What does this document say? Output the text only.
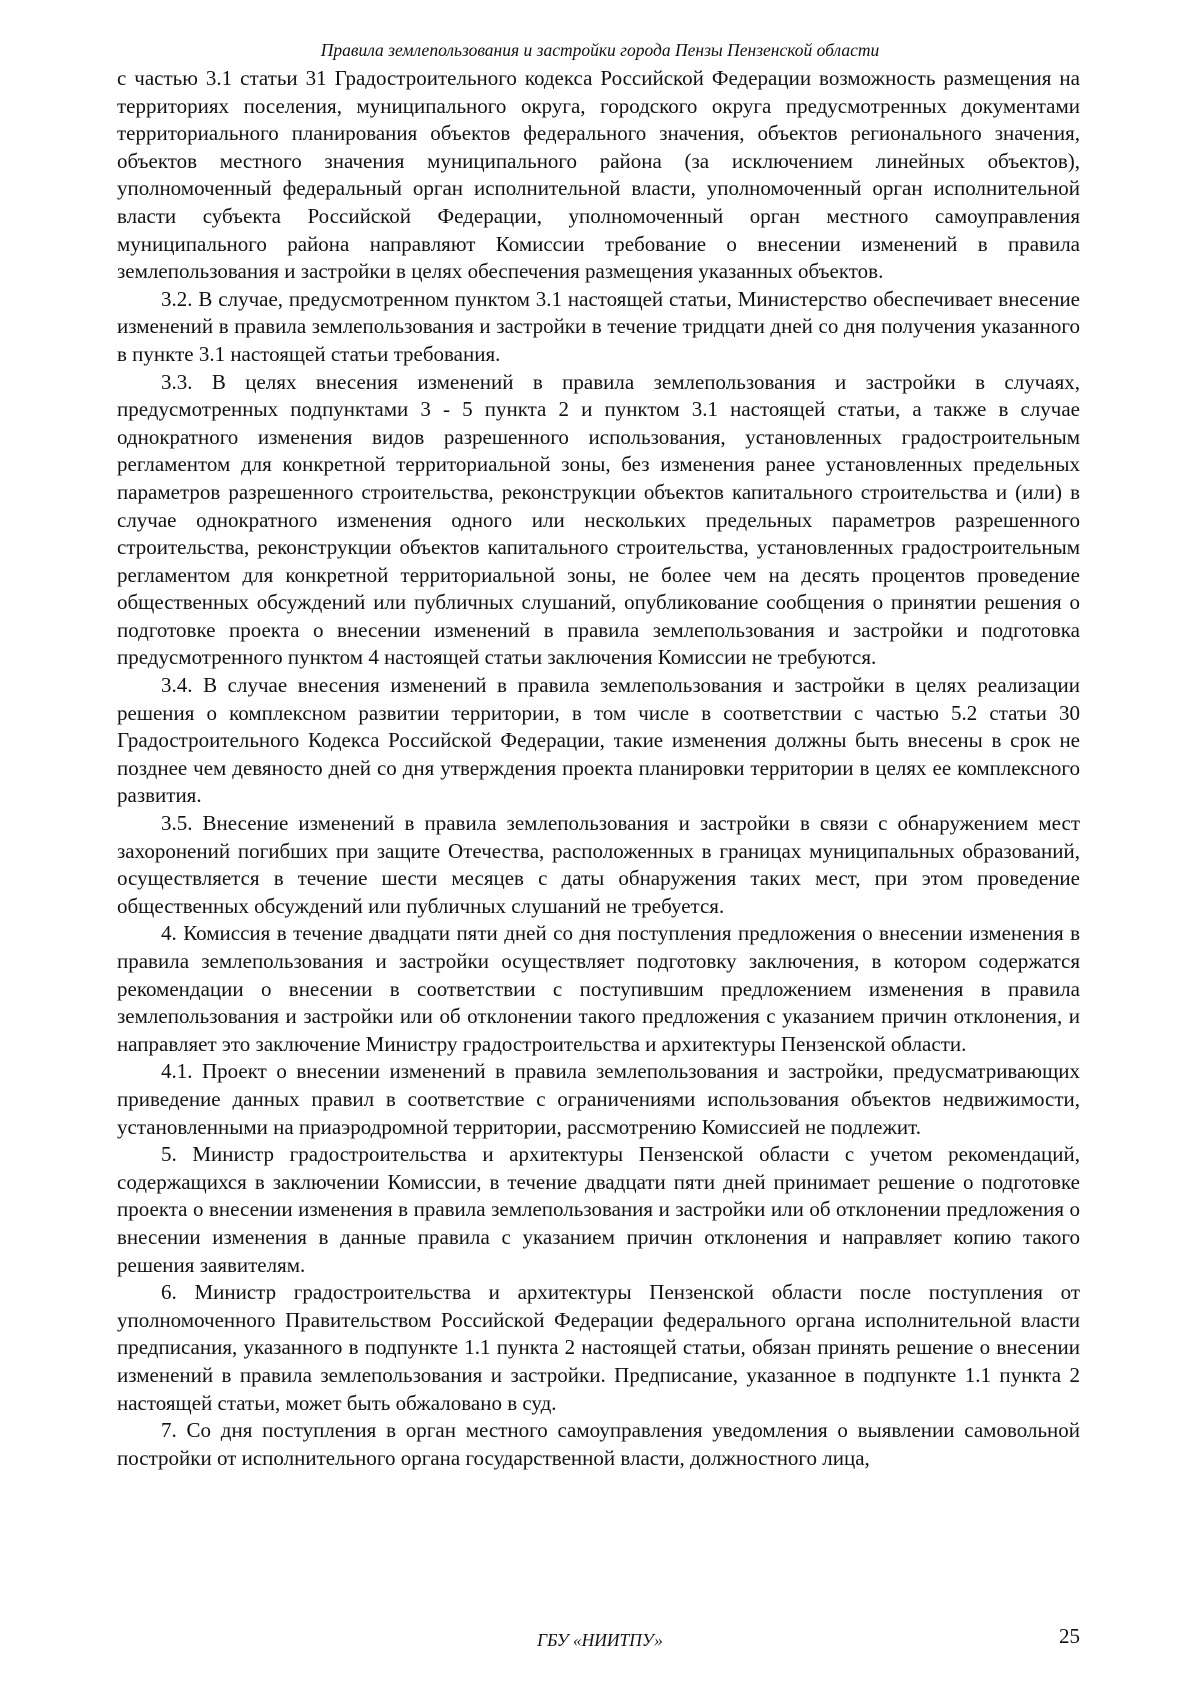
Правила землепользования и застройки города Пензы Пензенской области

с частью 3.1 статьи 31 Градостроительного кодекса Российской Федерации возможность размещения на территориях поселения, муниципального округа, городского округа предусмотренных документами территориального планирования объектов федерального значения, объектов регионального значения, объектов местного значения муниципального района (за исключением линейных объектов), уполномоченный федеральный орган исполнительной власти, уполномоченный орган исполнительной власти субъекта Российской Федерации, уполномоченный орган местного самоуправления муниципального района направляют Комиссии требование о внесении изменений в правила землепользования и застройки в целях обеспечения размещения указанных объектов.

3.2. В случае, предусмотренном пунктом 3.1 настоящей статьи, Министерство обеспечивает внесение изменений в правила землепользования и застройки в течение тридцати дней со дня получения указанного в пункте 3.1 настоящей статьи требования.

3.3. В целях внесения изменений в правила землепользования и застройки в случаях, предусмотренных подпунктами 3 - 5 пункта 2 и пунктом 3.1 настоящей статьи, а также в случае однократного изменения видов разрешенного использования, установленных градостроительным регламентом для конкретной территориальной зоны, без изменения ранее установленных предельных параметров разрешенного строительства, реконструкции объектов капитального строительства и (или) в случае однократного изменения одного или нескольких предельных параметров разрешенного строительства, реконструкции объектов капитального строительства, установленных градостроительным регламентом для конкретной территориальной зоны, не более чем на десять процентов проведение общественных обсуждений или публичных слушаний, опубликование сообщения о принятии решения о подготовке проекта о внесении изменений в правила землепользования и застройки и подготовка предусмотренного пунктом 4 настоящей статьи заключения Комиссии не требуются.

3.4. В случае внесения изменений в правила землепользования и застройки в целях реализации решения о комплексном развитии территории, в том числе в соответствии с частью 5.2 статьи 30 Градостроительного Кодекса Российской Федерации, такие изменения должны быть внесены в срок не позднее чем девяносто дней со дня утверждения проекта планировки территории в целях ее комплексного развития.

3.5. Внесение изменений в правила землепользования и застройки в связи с обнаружением мест захоронений погибших при защите Отечества, расположенных в границах муниципальных образований, осуществляется в течение шести месяцев с даты обнаружения таких мест, при этом проведение общественных обсуждений или публичных слушаний не требуется.

4. Комиссия в течение двадцати пяти дней со дня поступления предложения о внесении изменения в правила землепользования и застройки осуществляет подготовку заключения, в котором содержатся рекомендации о внесении в соответствии с поступившим предложением изменения в правила землепользования и застройки или об отклонении такого предложения с указанием причин отклонения, и направляет это заключение Министру градостроительства и архитектуры Пензенской области.

4.1. Проект о внесении изменений в правила землепользования и застройки, предусматривающих приведение данных правил в соответствие с ограничениями использования объектов недвижимости, установленными на приаэродромной территории, рассмотрению Комиссией не подлежит.

5. Министр градостроительства и архитектуры Пензенской области с учетом рекомендаций, содержащихся в заключении Комиссии, в течение двадцати пяти дней принимает решение о подготовке проекта о внесении изменения в правила землепользования и застройки или об отклонении предложения о внесении изменения в данные правила с указанием причин отклонения и направляет копию такого решения заявителям.

6. Министр градостроительства и архитектуры Пензенской области после поступления от уполномоченного Правительством Российской Федерации федерального органа исполнительной власти предписания, указанного в подпункте 1.1 пункта 2 настоящей статьи, обязан принять решение о внесении изменений в правила землепользования и застройки. Предписание, указанное в подпункте 1.1 пункта 2 настоящей статьи, может быть обжаловано в суд.

7. Со дня поступления в орган местного самоуправления уведомления о выявлении самовольной постройки от исполнительного органа государственной власти, должностного лица,

ГБУ «НИИТПУ»	25
